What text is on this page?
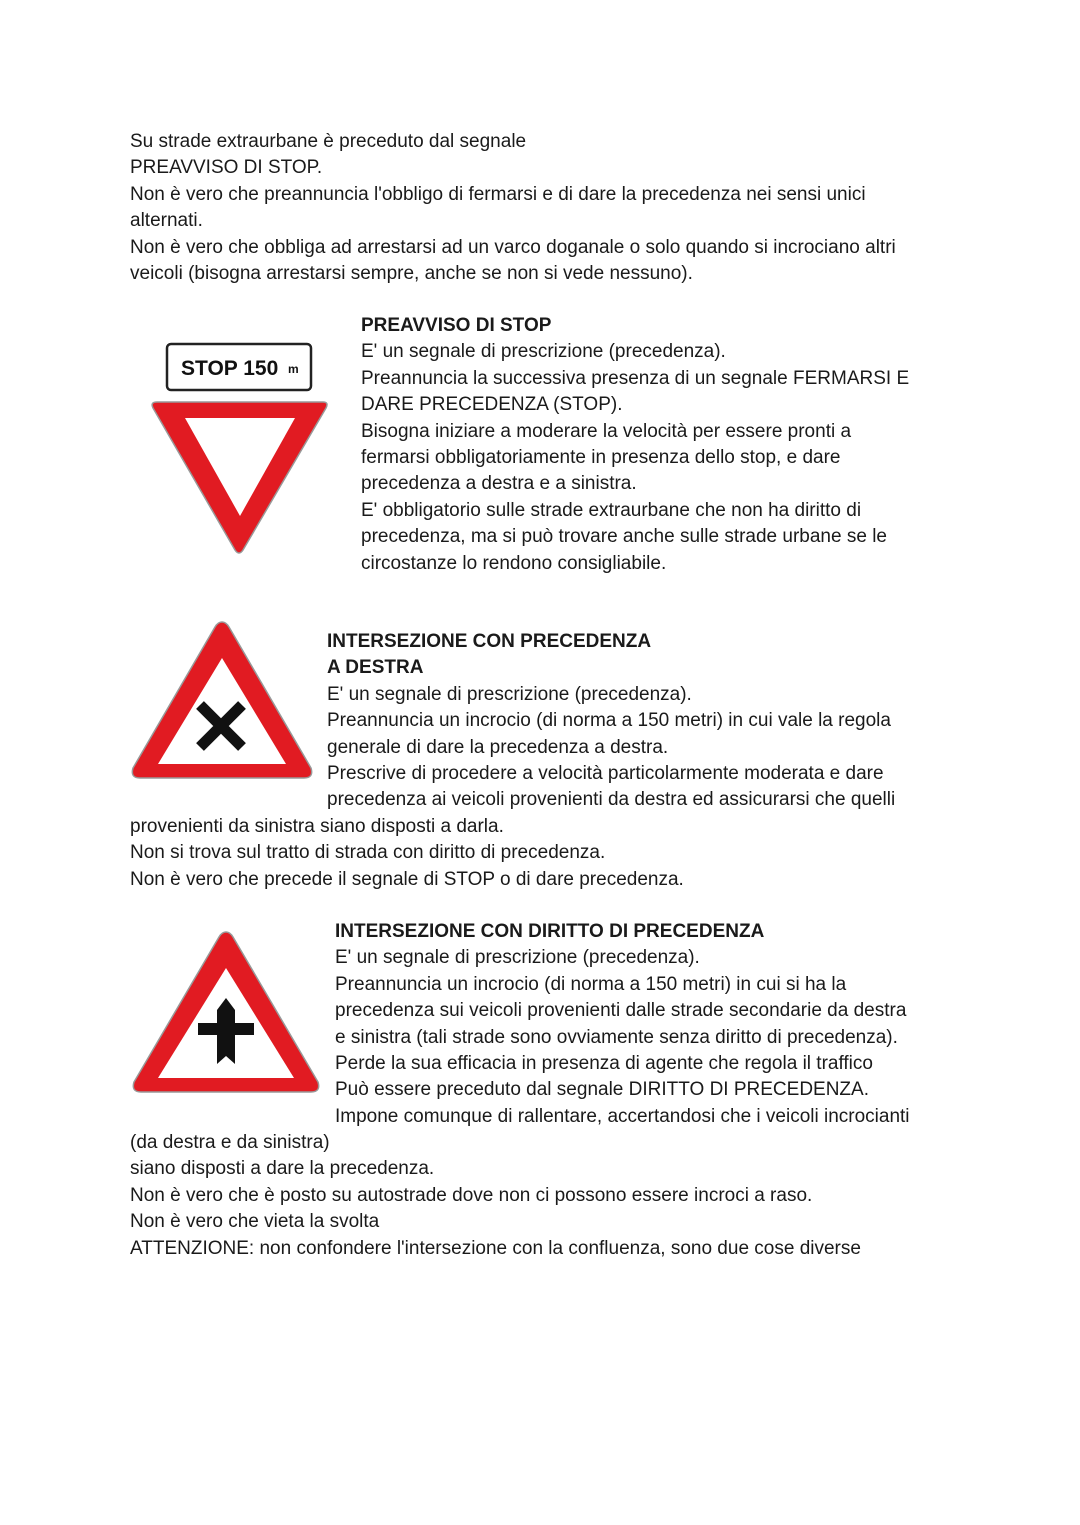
Su strade extraurbane è preceduto dal segnale
PREAVVISO DI STOP.
Non è vero che preannuncia l'obbligo di fermarsi e di dare la precedenza nei sensi unici
alternati.
Non è vero che obbliga ad arrestarsi ad un varco doganale o solo quando si incrociano altri
veicoli (bisogna arrestarsi sempre, anche se non si vede nessuno).
STOP 150 m
PREAVVISO DI STOP
E' un segnale di prescrizione (precedenza).
Preannuncia la successiva presenza di un segnale FERMARSI E
DARE PRECEDENZA (STOP).
Bisogna iniziare a moderare la velocità per essere pronti a
fermarsi obbligatoriamente in presenza dello stop, e dare
precedenza a destra e a sinistra.
E' obbligatorio sulle strade extraurbane che non ha diritto di
precedenza, ma si può trovare anche sulle strade urbane se le
circostanze lo rendono consigliabile.
INTERSEZIONE CON PRECEDENZA
A DESTRA
E' un segnale di prescrizione (precedenza).
Preannuncia un incrocio (di norma a 150 metri) in cui vale la regola
generale di dare la precedenza a destra.
Prescrive di procedere a velocità particolarmente moderata e dare
precedenza ai veicoli provenienti da destra ed assicurarsi che quelli
provenienti da sinistra siano disposti a darla.
Non si trova sul tratto di strada con diritto di precedenza.
Non è vero che precede il segnale di STOP o di dare precedenza.
INTERSEZIONE CON DIRITTO DI PRECEDENZA
E' un segnale di prescrizione (precedenza).
Preannuncia un incrocio (di norma a 150 metri) in cui si ha la
precedenza sui veicoli provenienti dalle strade secondarie da destra
e sinistra (tali strade sono ovviamente senza diritto di precedenza).
Perde la sua efficacia in presenza di agente che regola il traffico
Può essere preceduto dal segnale DIRITTO DI PRECEDENZA.
Impone comunque di rallentare, accertandosi che i veicoli incrocianti
(da destra e da sinistra)
siano disposti a dare la precedenza.
Non è vero che è posto su autostrade dove non ci possono essere incroci a raso.
Non è vero che vieta la svolta
ATTENZIONE: non confondere l'intersezione con la confluenza, sono due cose diverse
